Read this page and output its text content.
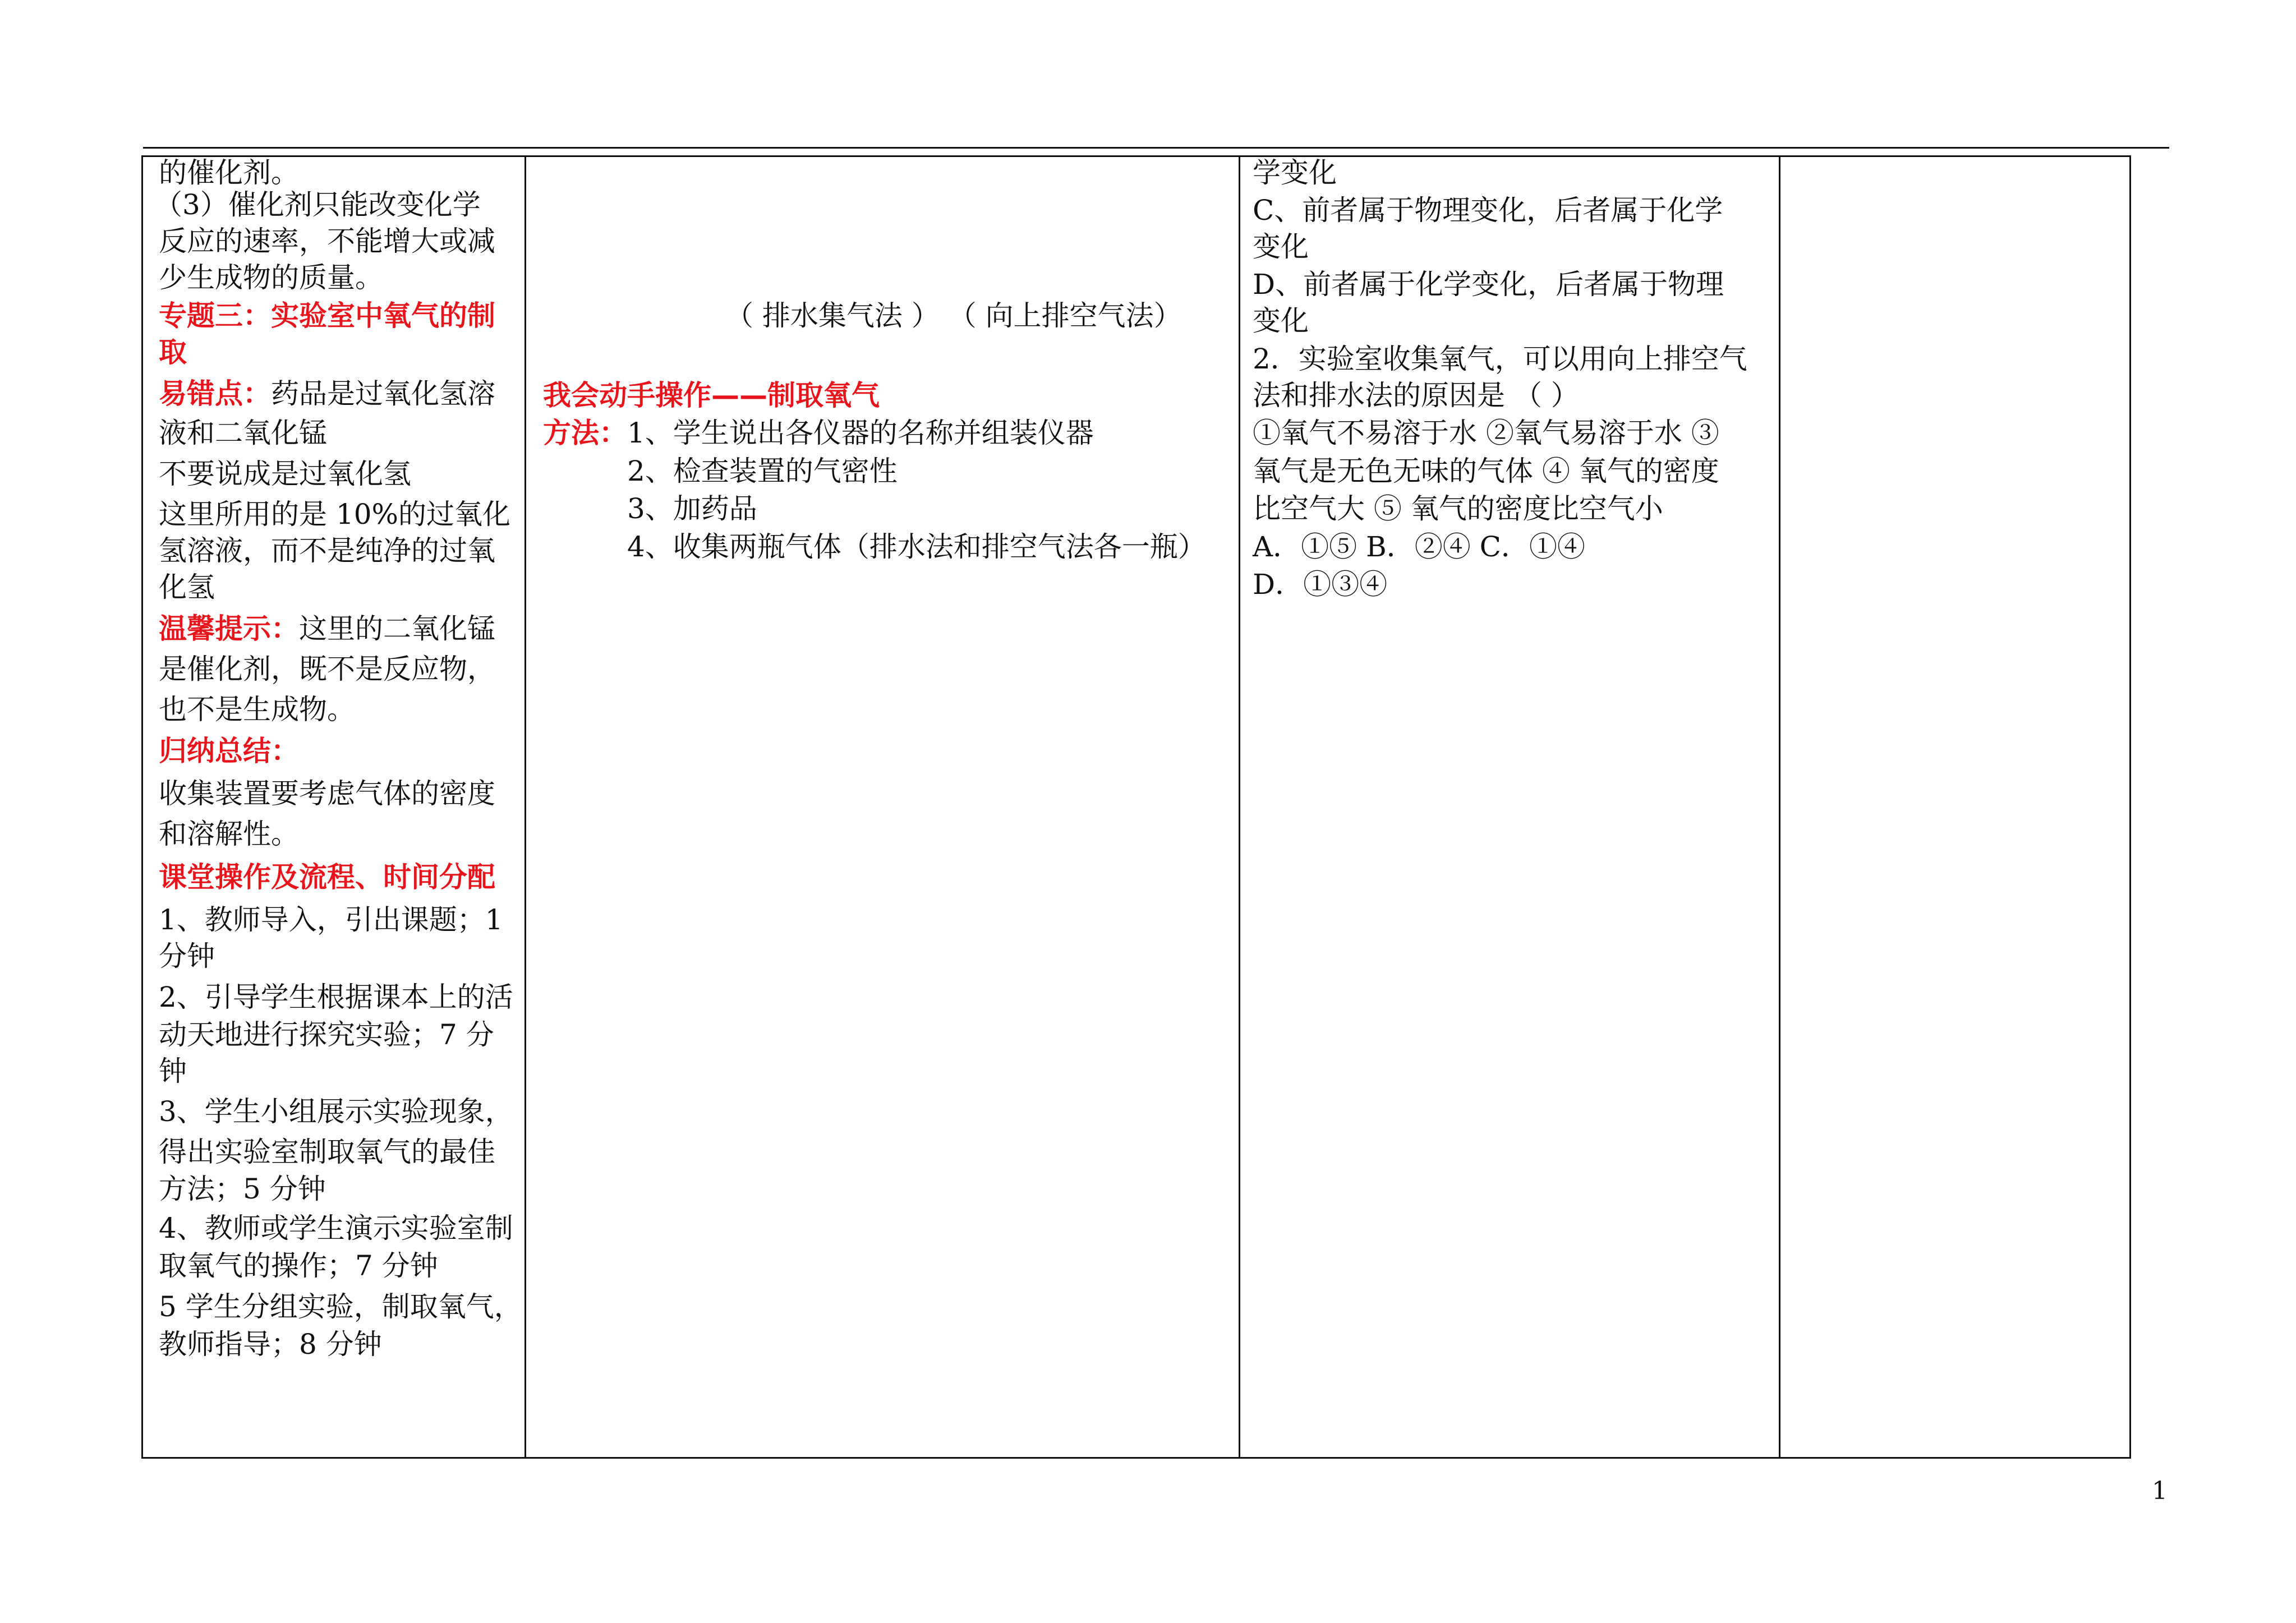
的催化剂。
（3）催化剂只能改变化学
反应的速率，不能增大或减
少生成物的质量。
专题三：实验室中氧气的制
取
易错点：药品是过氧化氢溶
液和二氧化锰
不要说成是过氧化氢
这里所用的是 10%的过氧化
氢溶液，而不是纯净的过氧
化氢
温馨提示：这里的二氧化锰
是催化剂，既不是反应物，
也不是生成物。
归纳总结：
收集装置要考虑气体的密度
和溶解性。
课堂操作及流程、时间分配
1、教师导入，引出课题；1
分钟
2、引导学生根据课本上的活
动天地进行探究实验；7 分
钟
3、学生小组展示实验现象，
得出实验室制取氧气的最佳
方法；5 分钟
4、教师或学生演示实验室制
取氧气的操作；7 分钟
5 学生分组实验，制取氧气，
教师指导；8 分钟

（ 排水集气法 ） （ 向上排空气法）
我会动手操作——制取氧气
方法： 1、学生说出各仪器的名称并组装仪器
2、检查装置的气密性
3、加药品
4、收集两瓶气体（排水法和排空气法各一瓶）

学变化
C、前者属于物理变化，后者属于化学
变化
D、前者属于化学变化，后者属于物理
变化
2．实验室收集氧气，可以用向上排空气
法和排水法的原因是 （ ）
①氧气不易溶于水 ②氧气易溶于水 ③
氧气是无色无味的气体 ④ 氧气的密度
比空气大 ⑤ 氧气的密度比空气小
A．①⑤ B．②④ C．①④
D．①③④

1
